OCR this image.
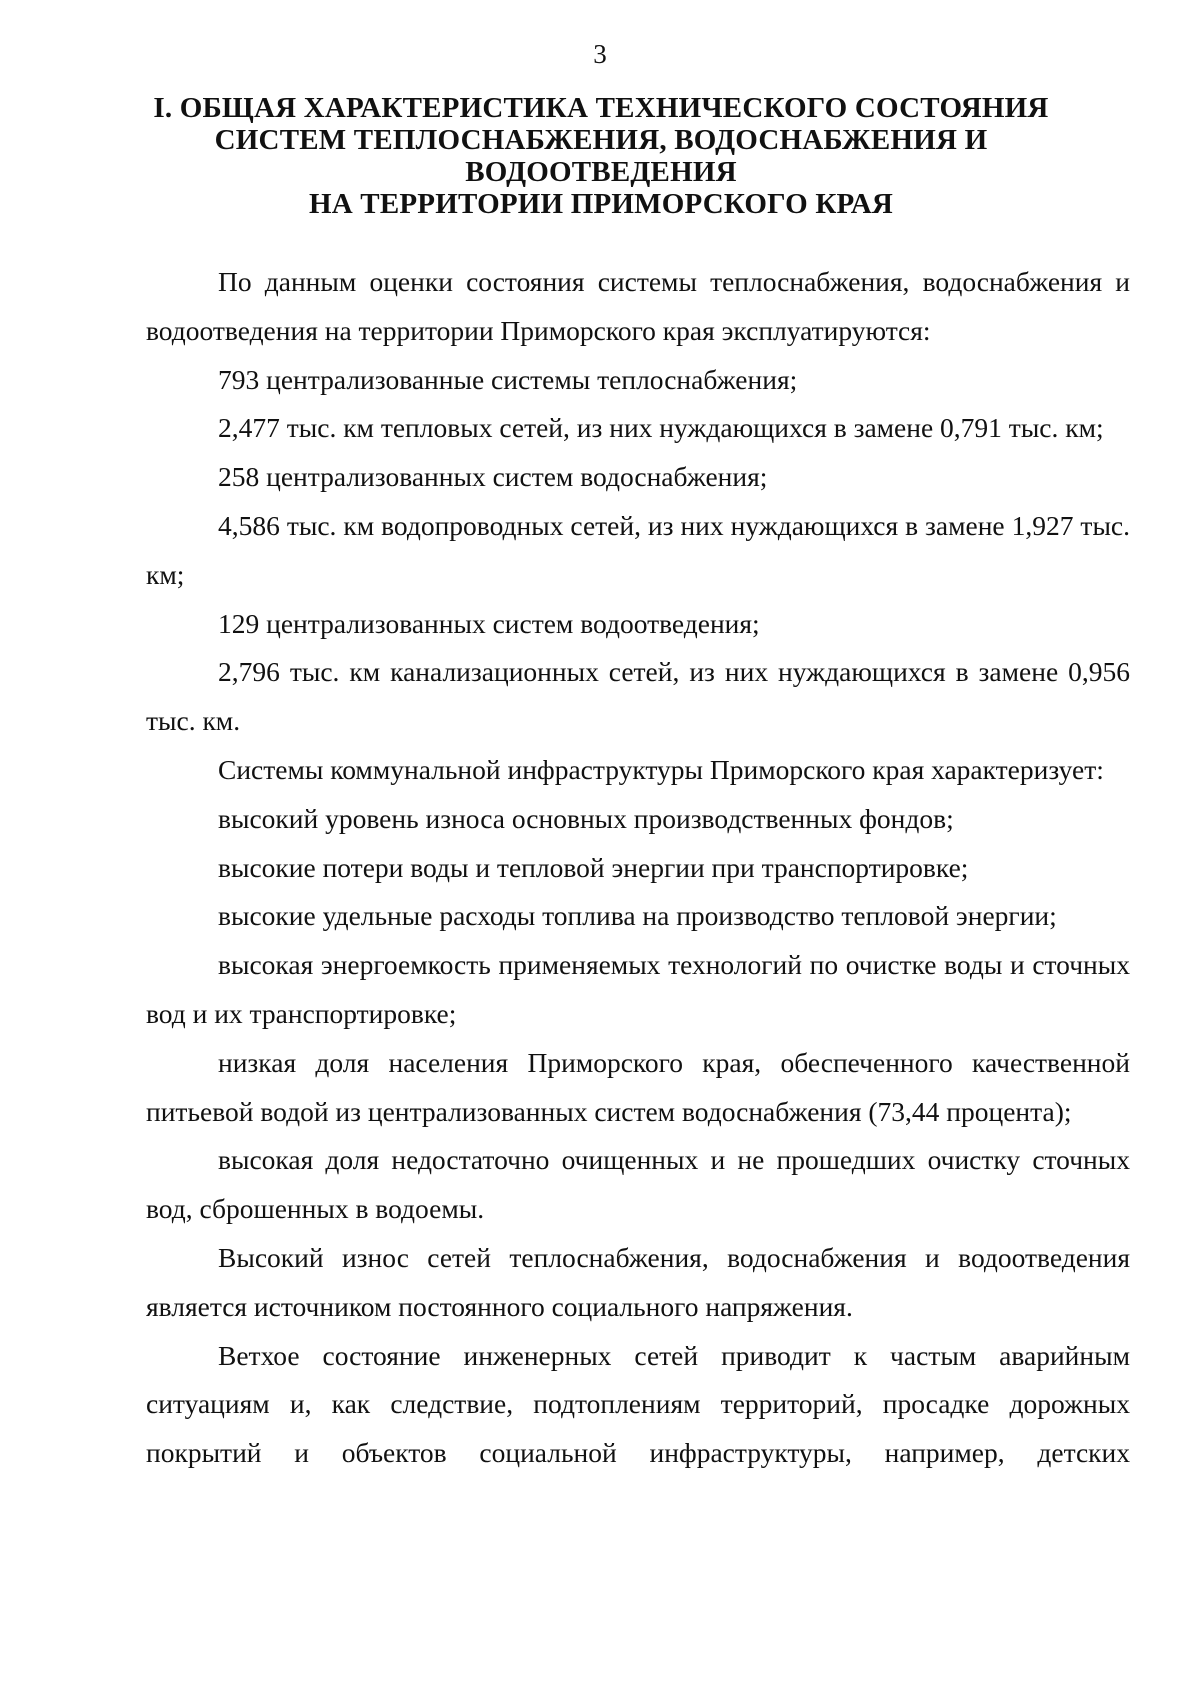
3
I. ОБЩАЯ ХАРАКТЕРИСТИКА ТЕХНИЧЕСКОГО СОСТОЯНИЯ
СИСТЕМ ТЕПЛОСНАБЖЕНИЯ, ВОДОСНАБЖЕНИЯ И
ВОДООТВЕДЕНИЯ
НА ТЕРРИТОРИИ ПРИМОРСКОГО КРАЯ

По данным оценки состояния системы теплоснабжения, водоснабжения и водоотведения на территории Приморского края эксплуатируются:

793 централизованные системы теплоснабжения;

2,477 тыс. км тепловых сетей, из них нуждающихся в замене 0,791 тыс. км;

258 централизованных систем водоснабжения;

4,586 тыс. км водопроводных сетей, из них нуждающихся в замене 1,927 тыс. км;

129 централизованных систем водоотведения;

2,796 тыс. км канализационных сетей, из них нуждающихся в замене 0,956 тыс. км.

Системы коммунальной инфраструктуры Приморского края характеризует:

высокий уровень износа основных производственных фондов;

высокие потери воды и тепловой энергии при транспортировке;

высокие удельные расходы топлива на производство тепловой энергии;

высокая энергоемкость применяемых технологий по очистке воды и сточных вод и их транспортировке;

низкая доля населения Приморского края, обеспеченного качественной питьевой водой из централизованных систем водоснабжения (73,44 процента);

высокая доля недостаточно очищенных и не прошедших очистку сточных вод, сброшенных в водоемы.

Высокий износ сетей теплоснабжения, водоснабжения и водоотведения является источником постоянного социального напряжения.

Ветхое состояние инженерных сетей приводит к частым аварийным ситуациям и, как следствие, подтоплениям территорий, просадке дорожных покрытий и объектов социальной инфраструктуры, например, детских
